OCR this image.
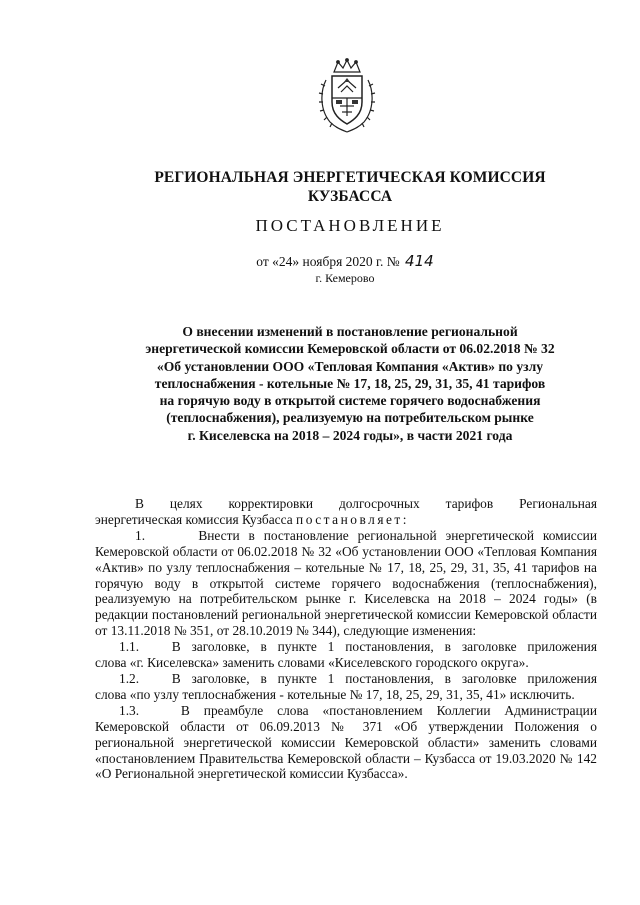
РЕГИОНАЛЬНАЯ ЭНЕРГЕТИЧЕСКАЯ КОМИССИЯ
КУЗБАССА
ПОСТАНОВЛЕНИЕ
от «24» ноября 2020 г. № 414
г. Кемерово
О внесении изменений в постановление региональной
энергетической комиссии Кемеровской области от 06.02.2018 № 32
«Об установлении ООО «Тепловая Компания «Актив» по узлу
теплоснабжения - котельные № 17, 18, 25, 29, 31, 35, 41 тарифов
на горячую воду в открытой системе горячего водоснабжения
(теплоснабжения), реализуемую на потребительском рынке
г. Киселевска на 2018 – 2024 годы», в части 2021 года
В целях корректировки долгосрочных тарифов Региональная
энергетическая комиссия Кузбасса постановляет:
1.	Внести в постановление региональной энергетической комиссии
Кемеровской области от 06.02.2018 № 32 «Об установлении ООО «Тепловая Компания «Актив» по узлу теплоснабжения – котельные № 17, 18, 25, 29, 31, 35, 41 тарифов на горячую воду в открытой системе горячего водоснабжения (теплоснабжения), реализуемую на потребительском рынке г. Киселевска на 2018 – 2024 годы» (в редакции постановлений региональной энергетической комиссии Кемеровской области от 13.11.2018 № 351, от 28.10.2019 № 344), следующие изменения:
1.1. В заголовке, в пункте 1 постановления, в заголовке приложения
слова «г. Киселевска» заменить словами «Киселевского городского округа».
1.2. В заголовке, в пункте 1 постановления, в заголовке приложения
слова «по узлу теплоснабжения - котельные № 17, 18, 25, 29, 31, 35, 41» исключить.
1.3.	В преамбуле слова «постановлением Коллегии Администрации
Кемеровской области от 06.09.2013 № 371 «Об утверждении Положения о региональной энергетической комиссии Кемеровской области» заменить словами «постановлением Правительства Кемеровской области – Кузбасса от 19.03.2020 № 142 «О Региональной энергетической комиссии Кузбасса».
